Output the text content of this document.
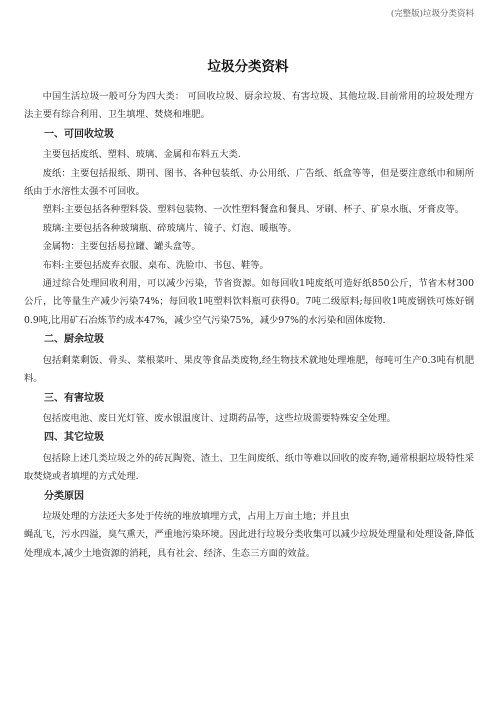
(完整版)垃圾分类资料
垃圾分类资料

中国生活垃圾一般可分为四大类： 可回收垃圾、厨余垃圾、有害垃圾、其他垃圾.目前常用的垃圾处理方法主要有综合利用、卫生填埋、焚烧和堆肥。

一、可回收垃圾

主要包括废纸、塑料、玻璃、金属和布料五大类.

废纸：主要包括报纸、期刊、图书、各种包装纸、办公用纸、广告纸、纸盒等等，但是要注意纸巾和厕所纸由于水溶性太强不可回收。

塑料:主要包括各种塑料袋、塑料包装物、一次性塑料餐盒和餐具、牙刷、杯子、矿泉水瓶、牙膏皮等。

玻璃:主要包括各种玻璃瓶、碎玻璃片、镜子、灯泡、暖瓶等。

金属物：主要包括易拉罐、罐头盒等。

布料:主要包括废弃衣服、桌布、洗脸巾、书包、鞋等。

通过综合处理回收利用，可以减少污染，节省资源。如每回收1吨废纸可造好纸850公斤，节省木材300公斤，比等量生产减少污染74%；每回收1吨塑料饮料瓶可获得0。7吨二级原料;每回收1吨废钢铁可炼好钢0.9吨,比用矿石冶炼节约成本47%，减少空气污染75%，减少97%的水污染和固体废物.

二、厨余垃圾

包括剩菜剩饭、骨头、菜根菜叶、果皮等食品类废物,经生物技术就地处理堆肥，每吨可生产0.3吨有机肥料。

三、有害垃圾

包括废电池、废日光灯管、废水银温度计、过期药品等，这些垃圾需要特殊安全处理。

四、其它垃圾

包括除上述几类垃圾之外的砖瓦陶瓷、渣土、卫生间废纸、纸巾等难以回收的废弃物,通常根据垃圾特性采取焚烧或者填埋的方式处理.

分类原因

垃圾处理的方法还大多处于传统的堆放填埋方式，占用上万亩土地；并且虫

蝇乱飞，污水四溢，臭气熏天，严重地污染环境。因此进行垃圾分类收集可以减少垃圾处理量和处理设备,降低处理成本,减少土地资源的消耗，具有社会、经济、生态三方面的效益。
